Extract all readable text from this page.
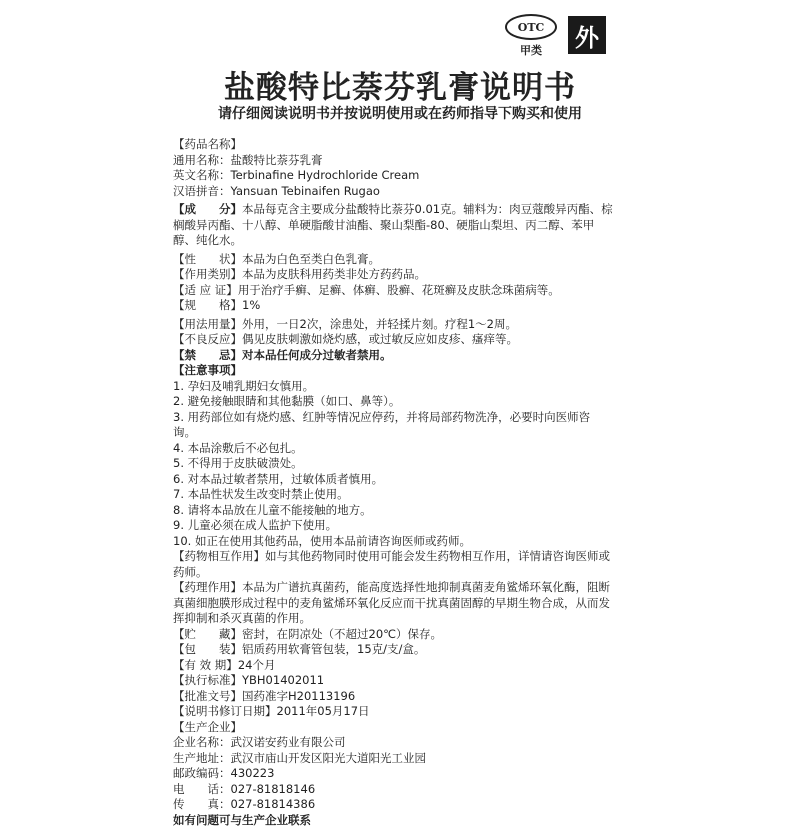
OTC
甲类	外
盐酸特比萘芬乳膏说明书
请仔细阅读说明书并按说明使用或在药师指导下购买和使用
【药品名称】
通用名称：盐酸特比萘芬乳膏
英文名称：Terbinafine Hydrochloride Cream
汉语拼音：Yansuan Tebinaifen Rugao
【成　　分】本品每克含主要成分盐酸特比萘芬0.01克。辅料为：肉豆蔻酸异丙酯、棕榈酸异丙酯、十八醇、单硬脂酸甘油酯、聚山梨酯-80、硬脂山梨坦、丙二醇、苯甲醇、纯化水。
【性　　状】本品为白色至类白色乳膏。
【作用类别】本品为皮肤科用药类非处方药药品。
【适 应 证】用于治疗手癣、足癣、体癣、股癣、花斑癣及皮肤念珠菌病等。
【规　　格】1%
【用法用量】外用，一日2次，涂患处，并轻揉片刻。疗程1～2周。
【不良反应】偶见皮肤刺激如烧灼感，或过敏反应如皮疹、瘙痒等。
【禁　　忌】对本品任何成分过敏者禁用。
【注意事项】
1. 孕妇及哺乳期妇女慎用。
2. 避免接触眼睛和其他黏膜（如口、鼻等）。
3. 用药部位如有烧灼感、红肿等情况应停药，并将局部药物洗净，必要时向医师咨询。
4. 本品涂敷后不必包扎。
5. 不得用于皮肤破溃处。
6. 对本品过敏者禁用，过敏体质者慎用。
7. 本品性状发生改变时禁止使用。
8. 请将本品放在儿童不能接触的地方。
9. 儿童必须在成人监护下使用。
10. 如正在使用其他药品，使用本品前请咨询医师或药师。
【药物相互作用】如与其他药物同时使用可能会发生药物相互作用，详情请咨询医师或药师。
【药理作用】本品为广谱抗真菌药，能高度选择性地抑制真菌麦角鲨烯环氧化酶，阻断真菌细胞膜形成过程中的麦角鲨烯环氧化反应而干扰真菌固醇的早期生物合成，从而发挥抑制和杀灭真菌的作用。
【贮　　藏】密封，在阴凉处（不超过20℃）保存。
【包　　装】铝质药用软膏管包装，15克/支/盒。
【有 效 期】24个月
【执行标准】YBH01402011
【批准文号】国药准字H20113196
【说明书修订日期】2011年05月17日
【生产企业】
企业名称：武汉诺安药业有限公司
生产地址：武汉市庙山开发区阳光大道阳光工业园
邮政编码：430223
电　　话：027-81818146
传　　真：027-81814386
如有问题可与生产企业联系
